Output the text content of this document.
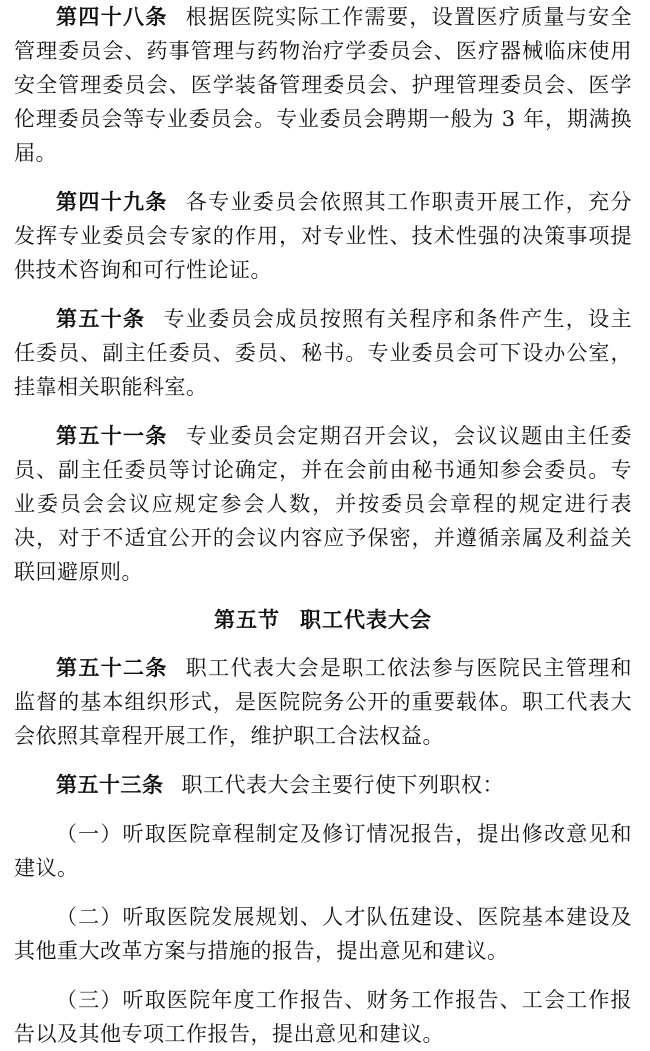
第四十八条 根据医院实际工作需要，设置医疗质量与安全管理委员会、药事管理与药物治疗学委员会、医疗器械临床使用安全管理委员会、医学装备管理委员会、护理管理委员会、医学伦理委员会等专业委员会。专业委员会聘期一般为 3 年，期满换届。

第四十九条 各专业委员会依照其工作职责开展工作，充分发挥专业委员会专家的作用，对专业性、技术性强的决策事项提供技术咨询和可行性论证。

第五十条 专业委员会成员按照有关程序和条件产生，设主任委员、副主任委员、委员、秘书。专业委员会可下设办公室，挂靠相关职能科室。

第五十一条 专业委员会定期召开会议，会议议题由主任委员、副主任委员等讨论确定，并在会前由秘书通知参会委员。专业委员会会议应规定参会人数，并按委员会章程的规定进行表决，对于不适宜公开的会议内容应予保密，并遵循亲属及利益关联回避原则。

第五节 职工代表大会

第五十二条 职工代表大会是职工依法参与医院民主管理和监督的基本组织形式，是医院院务公开的重要载体。职工代表大会依照其章程开展工作，维护职工合法权益。

第五十三条 职工代表大会主要行使下列职权：

（一）听取医院章程制定及修订情况报告，提出修改意见和建议。

（二）听取医院发展规划、人才队伍建设、医院基本建设及其他重大改革方案与措施的报告，提出意见和建议。

（三）听取医院年度工作报告、财务工作报告、工会工作报告以及其他专项工作报告，提出意见和建议。
